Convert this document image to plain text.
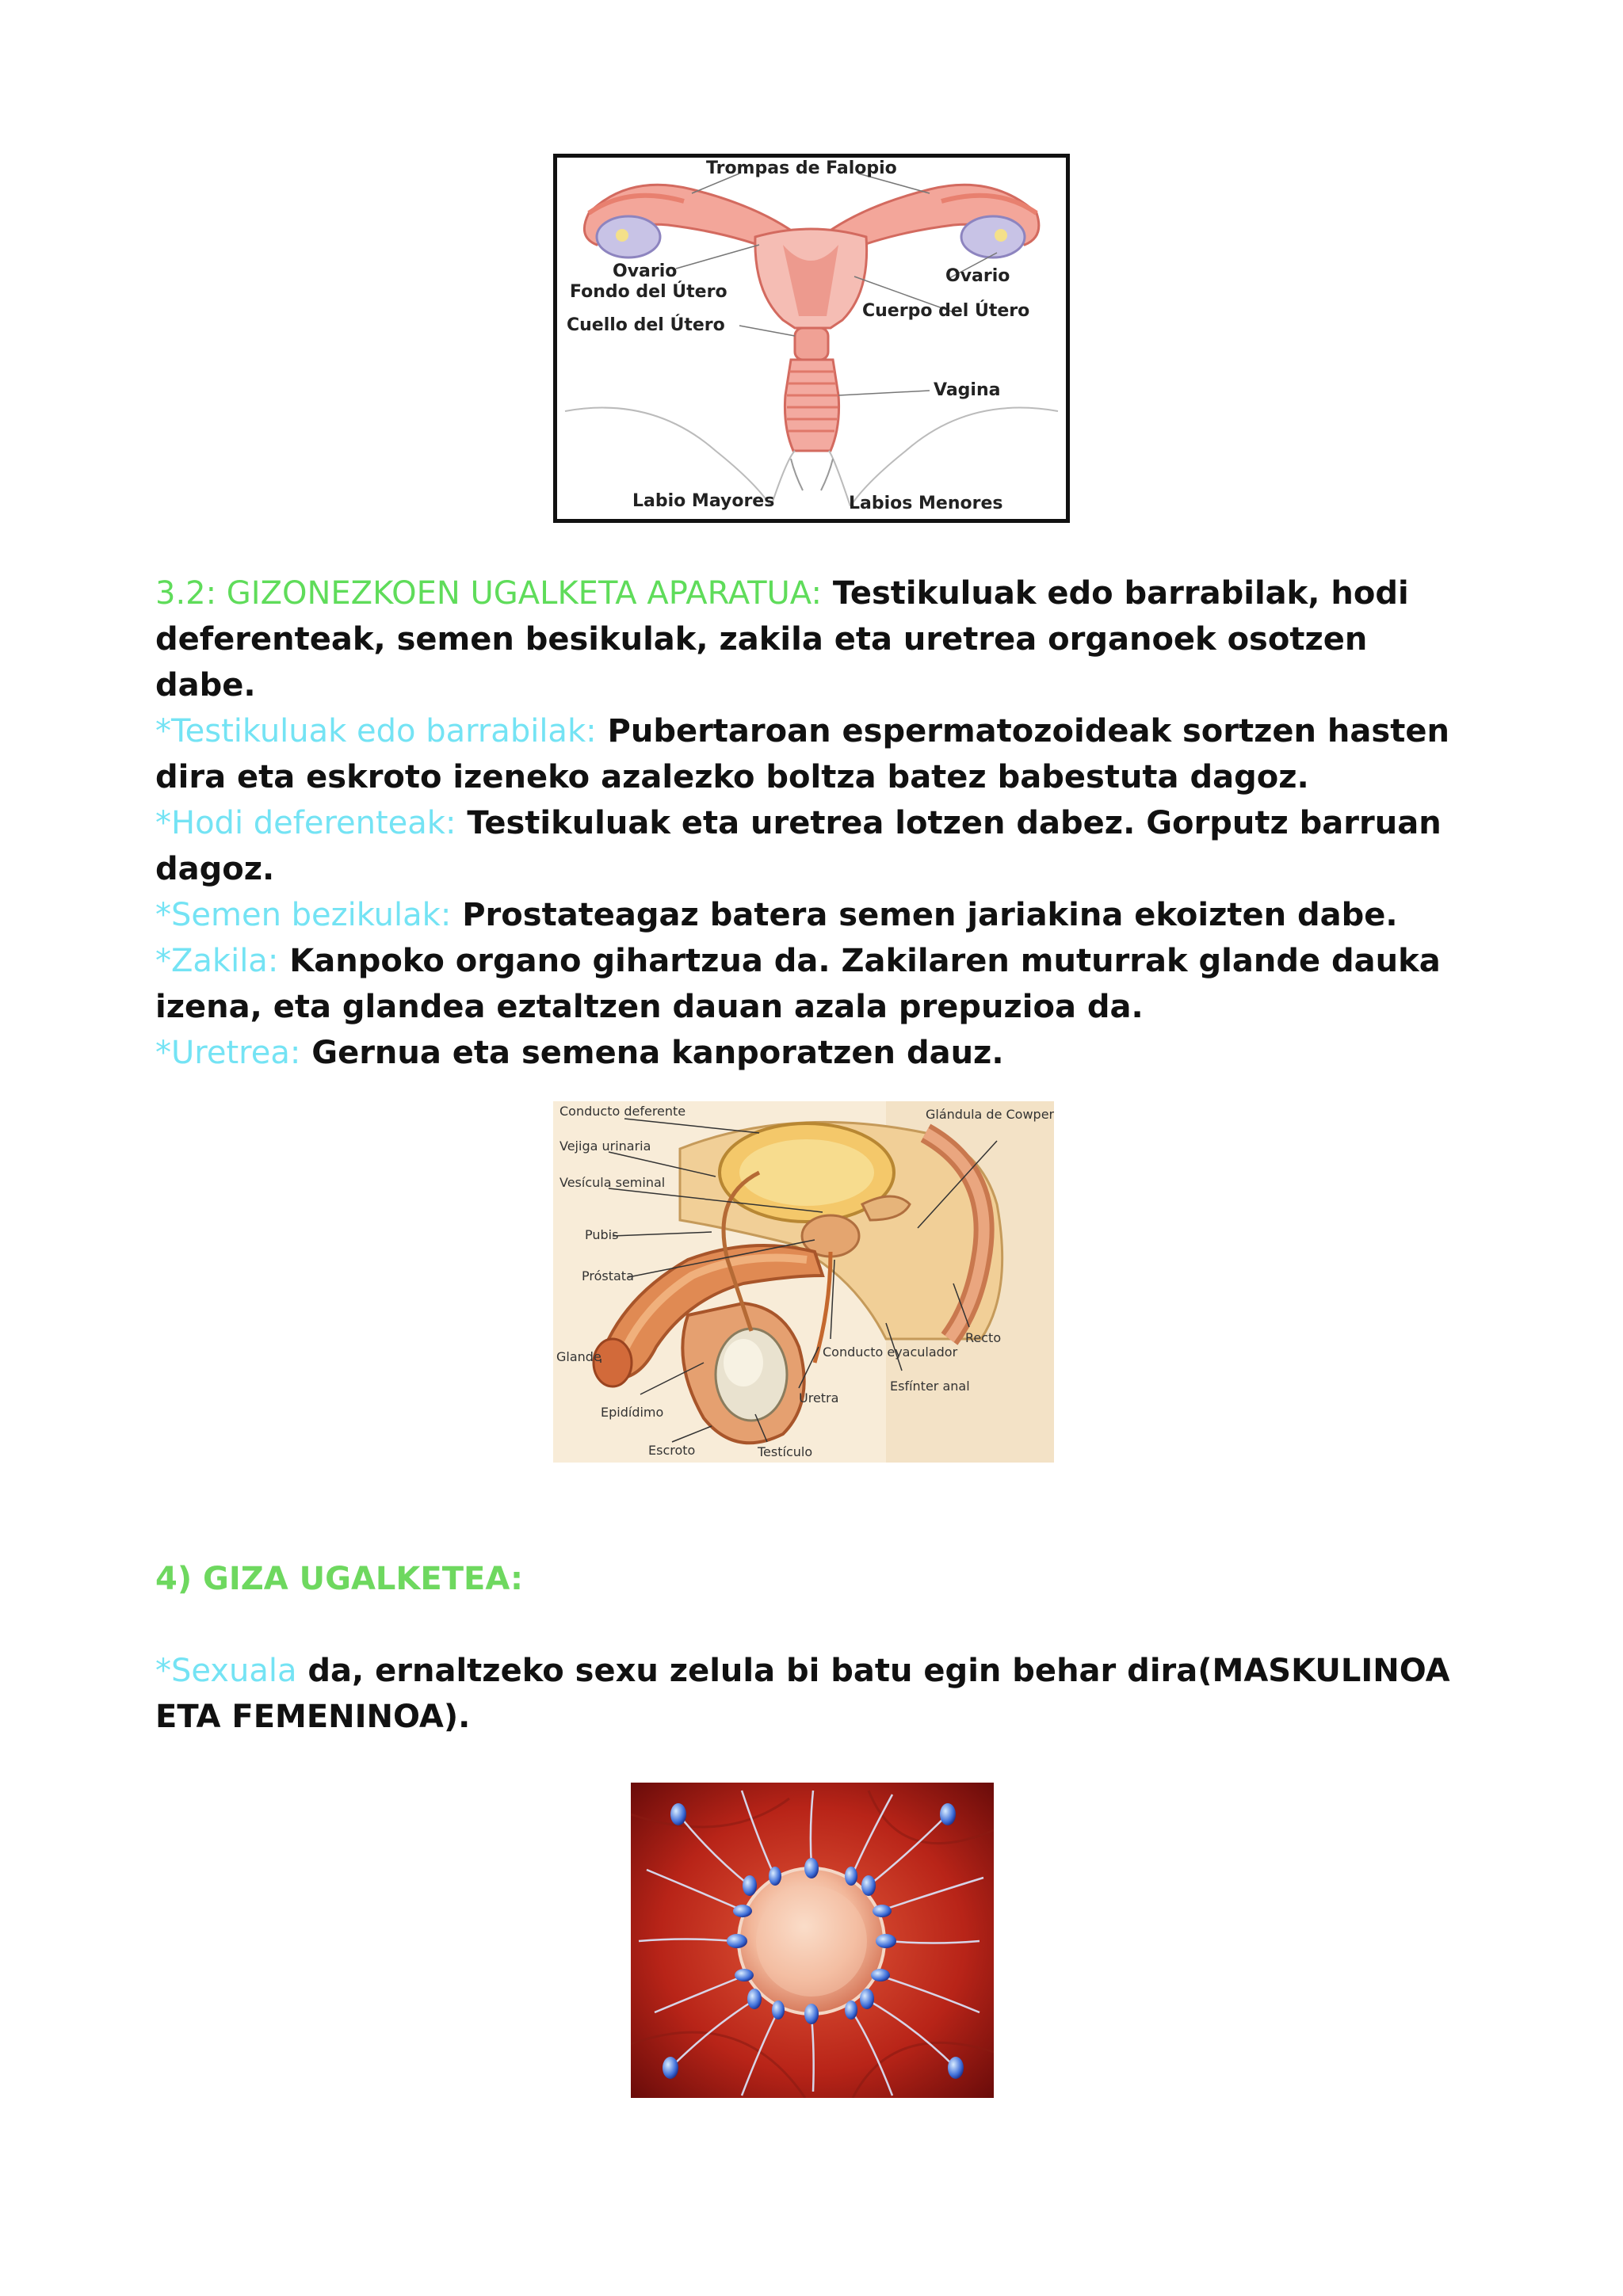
Trompas de Falopio
Ovario
Fondo del Útero
Cuello del Útero
Ovario
Cuerpo del Útero
Vagina
Labio Mayores	Labios Menores

3.2: GIZONEZKOEN UGALKETA APARATUA: Testikuluak edo barrabilak, hodi deferenteak, semen besikulak, zakila eta uretrea organoek osotzen dabe.

*Testikuluak edo barrabilak: Pubertaroan espermatozoideak sortzen hasten dira eta eskroto izeneko azalezko boltza batez babestuta dagoz.

*Hodi deferenteak: Testikuluak eta uretrea lotzen dabez. Gorputz barruan dagoz.

*Semen bezikulak: Prostateagaz batera semen jariakina ekoizten dabe.

*Zakila: Kanpoko organo gihartzua da. Zakilaren muturrak glande dauka izena, eta glandea eztaltzen dauan azala prepuzioa da.

*Uretrea: Gernua eta semena kanporatzen dauz.

Conducto deferente
Vejiga urinaria
Vesícula seminal
Pubis
Próstata
Glande
Epidídimo
Escroto	Testículo
Uretra
Conducto eyaculador
Esfínter anal
Recto
Glándula de Cowper

4) GIZA UGALKETEA:

*Sexuala da, ernaltzeko sexu zelula bi batu egin behar dira(MASKULINOA ETA FEMENINOA).
